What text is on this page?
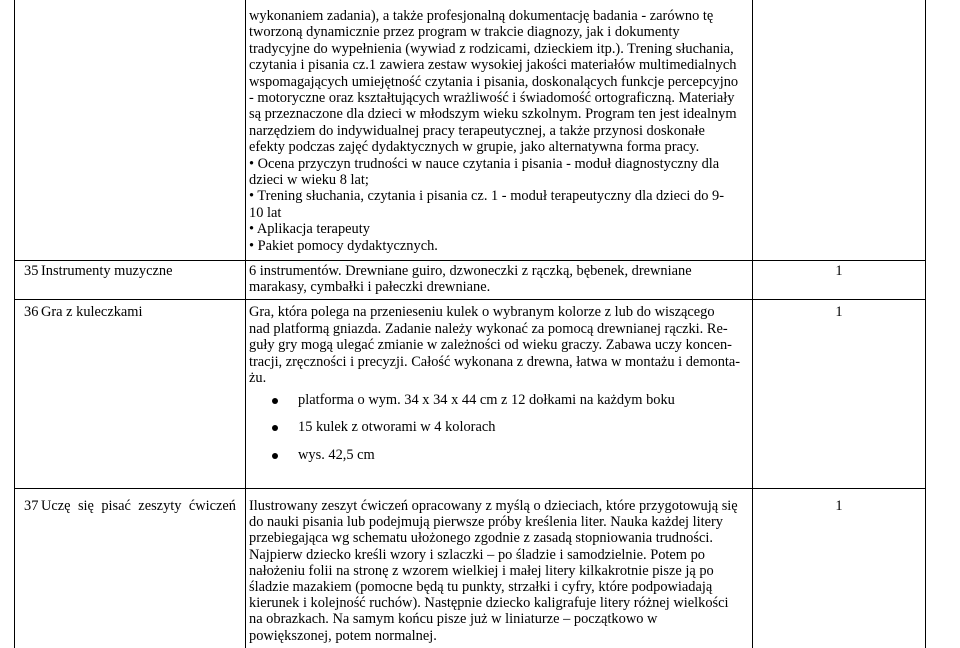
wykonaniem zadania), a także profesjonalną dokumentację badania - zarówno tę
tworzoną dynamicznie przez program w trakcie diagnozy, jak i dokumenty
tradycyjne do wypełnienia (wywiad z rodzicami, dzieckiem itp.). Trening słuchania,
czytania i pisania cz.1 zawiera zestaw wysokiej jakości materiałów multimedialnych
wspomagających umiejętność czytania i pisania, doskonalących funkcje percepcyjno
- motoryczne oraz kształtujących wrażliwość i świadomość ortograficzną. Materiały
są przeznaczone dla dzieci w młodszym wieku szkolnym. Program ten jest idealnym
narzędziem do indywidualnej pracy terapeutycznej, a także przynosi doskonałe
efekty podczas zajęć dydaktycznych w grupie, jako alternatywna forma pracy.
• Ocena przyczyn trudności w nauce czytania i pisania - moduł diagnostyczny dla
dzieci w wieku 8 lat;
• Trening słuchania, czytania i pisania cz. 1 - moduł terapeutyczny dla dzieci do 9-
10 lat
• Aplikacja terapeuty
• Pakiet pomocy dydaktycznych.
35 Instrumenty muzyczne	6 instrumentów. Drewniane guiro, dzwoneczki z rączką, bębenek, drewniane
marakasy, cymbałki i pałeczki drewniane.
1
36 Gra z kuleczkami	Gra, która polega na przenieseniu kulek o wybranym kolorze z lub do wiszącego
nad platformą gniazda. Zadanie należy wykonać za pomocą drewnianej rączki. Re-
guły gry mogą ulegać zmianie w zależności od wieku graczy. Zabawa uczy koncen-
tracji, zręczności i precyzji. Całość wykonana z drewna, łatwa w montażu i demonta-
żu.
platforma o wym. 34 x 34 x 44 cm z 12 dołkami na każdym boku
15 kulek z otworami w 4 kolorach
wys. 42,5 cm
1
37 Uczę się pisać zeszyty ćwiczeń Ilustrowany zeszyt ćwiczeń opracowany z myślą o dzieciach, które przygotowują się
do nauki pisania lub podejmują pierwsze próby kreślenia liter. Nauka każdej litery
przebiegająca wg schematu ułożonego zgodnie z zasadą stopniowania trudności.
Najpierw dziecko kreśli wzory i szlaczki – po śladzie i samodzielnie. Potem po
nałożeniu folii na stronę z wzorem wielkiej i małej litery kilkakrotnie pisze ją po
śladzie mazakiem (pomocne będą tu punkty, strzałki i cyfry, które podpowiadają
kierunek i kolejność ruchów). Następnie dziecko kaligrafuje litery różnej wielkości
na obrazkach. Na samym końcu pisze już w liniaturze – początkowo w
powiększonej, potem normalnej.
1
